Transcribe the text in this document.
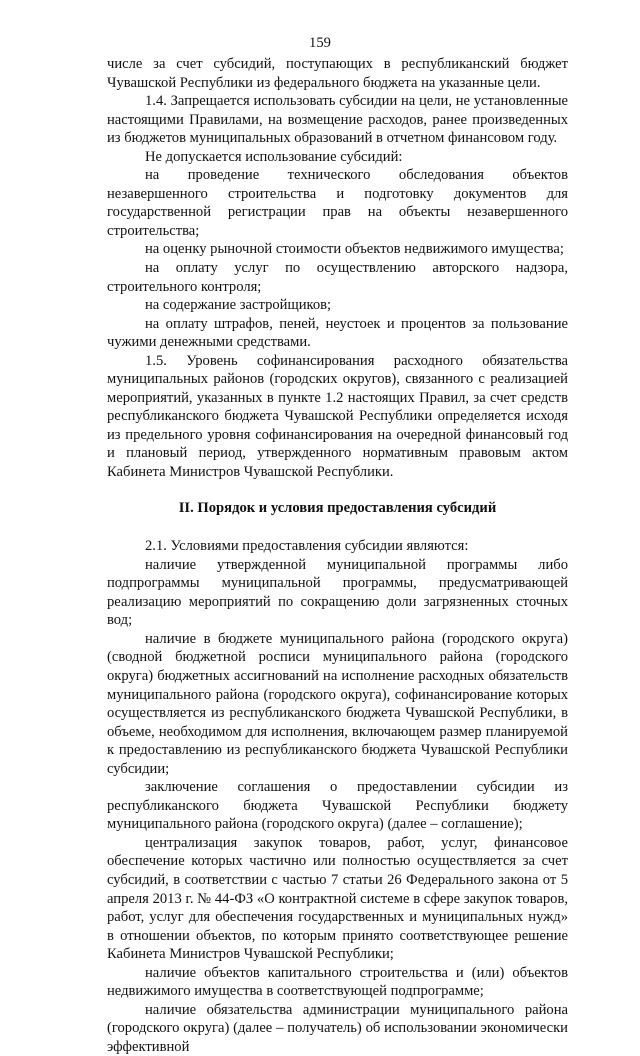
159

числе за счет субсидий, поступающих в республиканский бюджет Чувашской Республики из федерального бюджета на указанные цели.

1.4. Запрещается использовать субсидии на цели, не установленные настоящими Правилами, на возмещение расходов, ранее произведенных из бюджетов муниципальных образований в отчетном финансовом году.

Не допускается использование субсидий:

на проведение технического обследования объектов незавершенного строительства и подготовку документов для государственной регистрации прав на объекты незавершенного строительства;

на оценку рыночной стоимости объектов недвижимого имущества;

на оплату услуг по осуществлению авторского надзора, строительного контроля;

на содержание застройщиков;

на оплату штрафов, пеней, неустоек и процентов за пользование чужими денежными средствами.

1.5. Уровень софинансирования расходного обязательства муниципальных районов (городских округов), связанного с реализацией мероприятий, указанных в пункте 1.2 настоящих Правил, за счет средств республиканского бюджета Чувашской Республики определяется исходя из предельного уровня софинансирования на очередной финансовый год и плановый период, утвержденного нормативным правовым актом Кабинета Министров Чувашской Республики.

II. Порядок и условия предоставления субсидий

2.1. Условиями предоставления субсидии являются:

наличие утвержденной муниципальной программы либо подпрограммы муниципальной программы, предусматривающей реализацию мероприятий по сокращению доли загрязненных сточных вод;

наличие в бюджете муниципального района (городского округа) (сводной бюджетной росписи муниципального района (городского округа) бюджетных ассигнований на исполнение расходных обязательств муниципального района (городского округа), софинансирование которых осуществляется из республиканского бюджета Чувашской Республики, в объеме, необходимом для исполнения, включающем размер планируемой к предоставлению из республиканского бюджета Чувашской Республики субсидии;

заключение соглашения о предоставлении субсидии из республиканского бюджета Чувашской Республики бюджету муниципального района (городского округа) (далее – соглашение);

централизация закупок товаров, работ, услуг, финансовое обеспечение которых частично или полностью осуществляется за счет субсидий, в соответствии с частью 7 статьи 26 Федерального закона от 5 апреля 2013 г. № 44-ФЗ «О контрактной системе в сфере закупок товаров, работ, услуг для обеспечения государственных и муниципальных нужд» в отношении объектов, по которым принято соответствующее решение Кабинета Министров Чувашской Республики;

наличие объектов капитального строительства и (или) объектов недвижимого имущества в соответствующей подпрограмме;

наличие обязательства администрации муниципального района (городского округа) (далее – получатель) об использовании экономически эффективной
